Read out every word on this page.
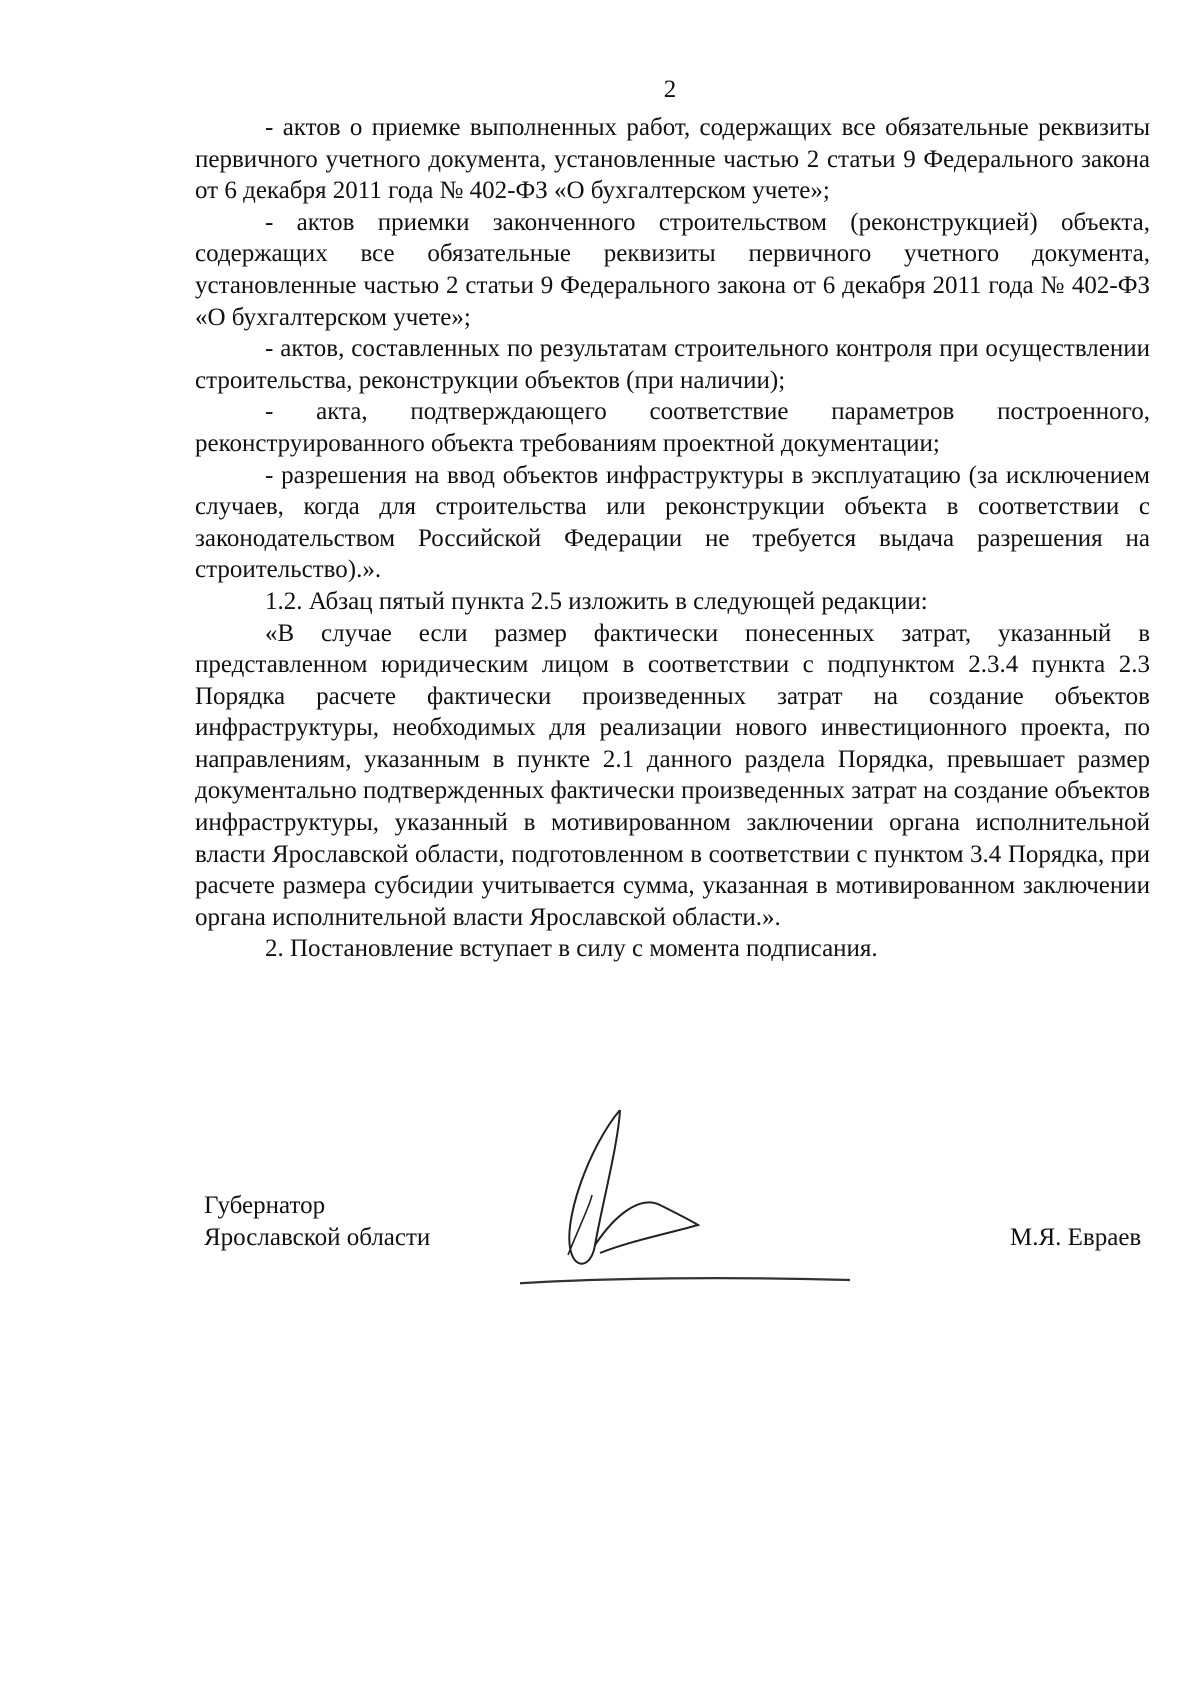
2

- актов о приемке выполненных работ, содержащих все обязательные реквизиты первичного учетного документа, установленные частью 2 статьи 9 Федерального закона от 6 декабря 2011 года № 402-ФЗ «О бухгалтерском учете»;

- актов приемки законченного строительством (реконструкцией) объекта, содержащих все обязательные реквизиты первичного учетного документа, установленные частью 2 статьи 9 Федерального закона от 6 декабря 2011 года № 402-ФЗ «О бухгалтерском учете»;

- актов, составленных по результатам строительного контроля при осуществлении строительства, реконструкции объектов (при наличии);

- акта, подтверждающего соответствие параметров построенного, реконструированного объекта требованиям проектной документации;

- разрешения на ввод объектов инфраструктуры в эксплуатацию (за исключением случаев, когда для строительства или реконструкции объекта в соответствии с законодательством Российской Федерации не требуется выдача разрешения на строительство).».

1.2. Абзац пятый пункта 2.5 изложить в следующей редакции:

«В случае если размер фактически понесенных затрат, указанный в представленном юридическим лицом в соответствии с подпунктом 2.3.4 пункта 2.3 Порядка расчете фактически произведенных затрат на создание объектов инфраструктуры, необходимых для реализации нового инвестиционного проекта, по направлениям, указанным в пункте 2.1 данного раздела Порядка, превышает размер документально подтвержденных фактически произведенных затрат на создание объектов инфраструктуры, указанный в мотивированном заключении органа исполнительной власти Ярославской области, подготовленном в соответствии с пунктом 3.4 Порядка, при расчете размера субсидии учитывается сумма, указанная в мотивированном заключении органа исполнительной власти Ярославской области.».

2. Постановление вступает в силу с момента подписания.

Губернатор
Ярославской области	М.Я. Евраев
